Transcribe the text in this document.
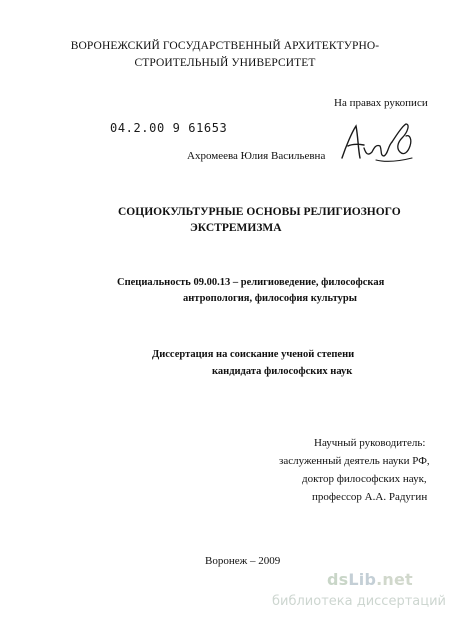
ВОРОНЕЖСКИЙ ГОСУДАРСТВЕННЫЙ АРХИТЕКТУРНО-
СТРОИТЕЛЬНЫЙ УНИВЕРСИТЕТ
На правах рукописи
04.2.00 9 61653
Ахромеева Юлия Васильевна
СОЦИОКУЛЬТУРНЫЕ ОСНОВЫ РЕЛИГИОЗНОГО
ЭКСТРЕМИЗМА
Специальность 09.00.13 – религиоведение, философская
антропология, философия культуры
Диссертация на соискание ученой степени
кандидата философских наук
Научный руководитель:
заслуженный деятель науки РФ,
доктор философских наук,
профессор А.А. Радугин
Воронеж – 2009
dsLib.net
библиотека диссертаций
